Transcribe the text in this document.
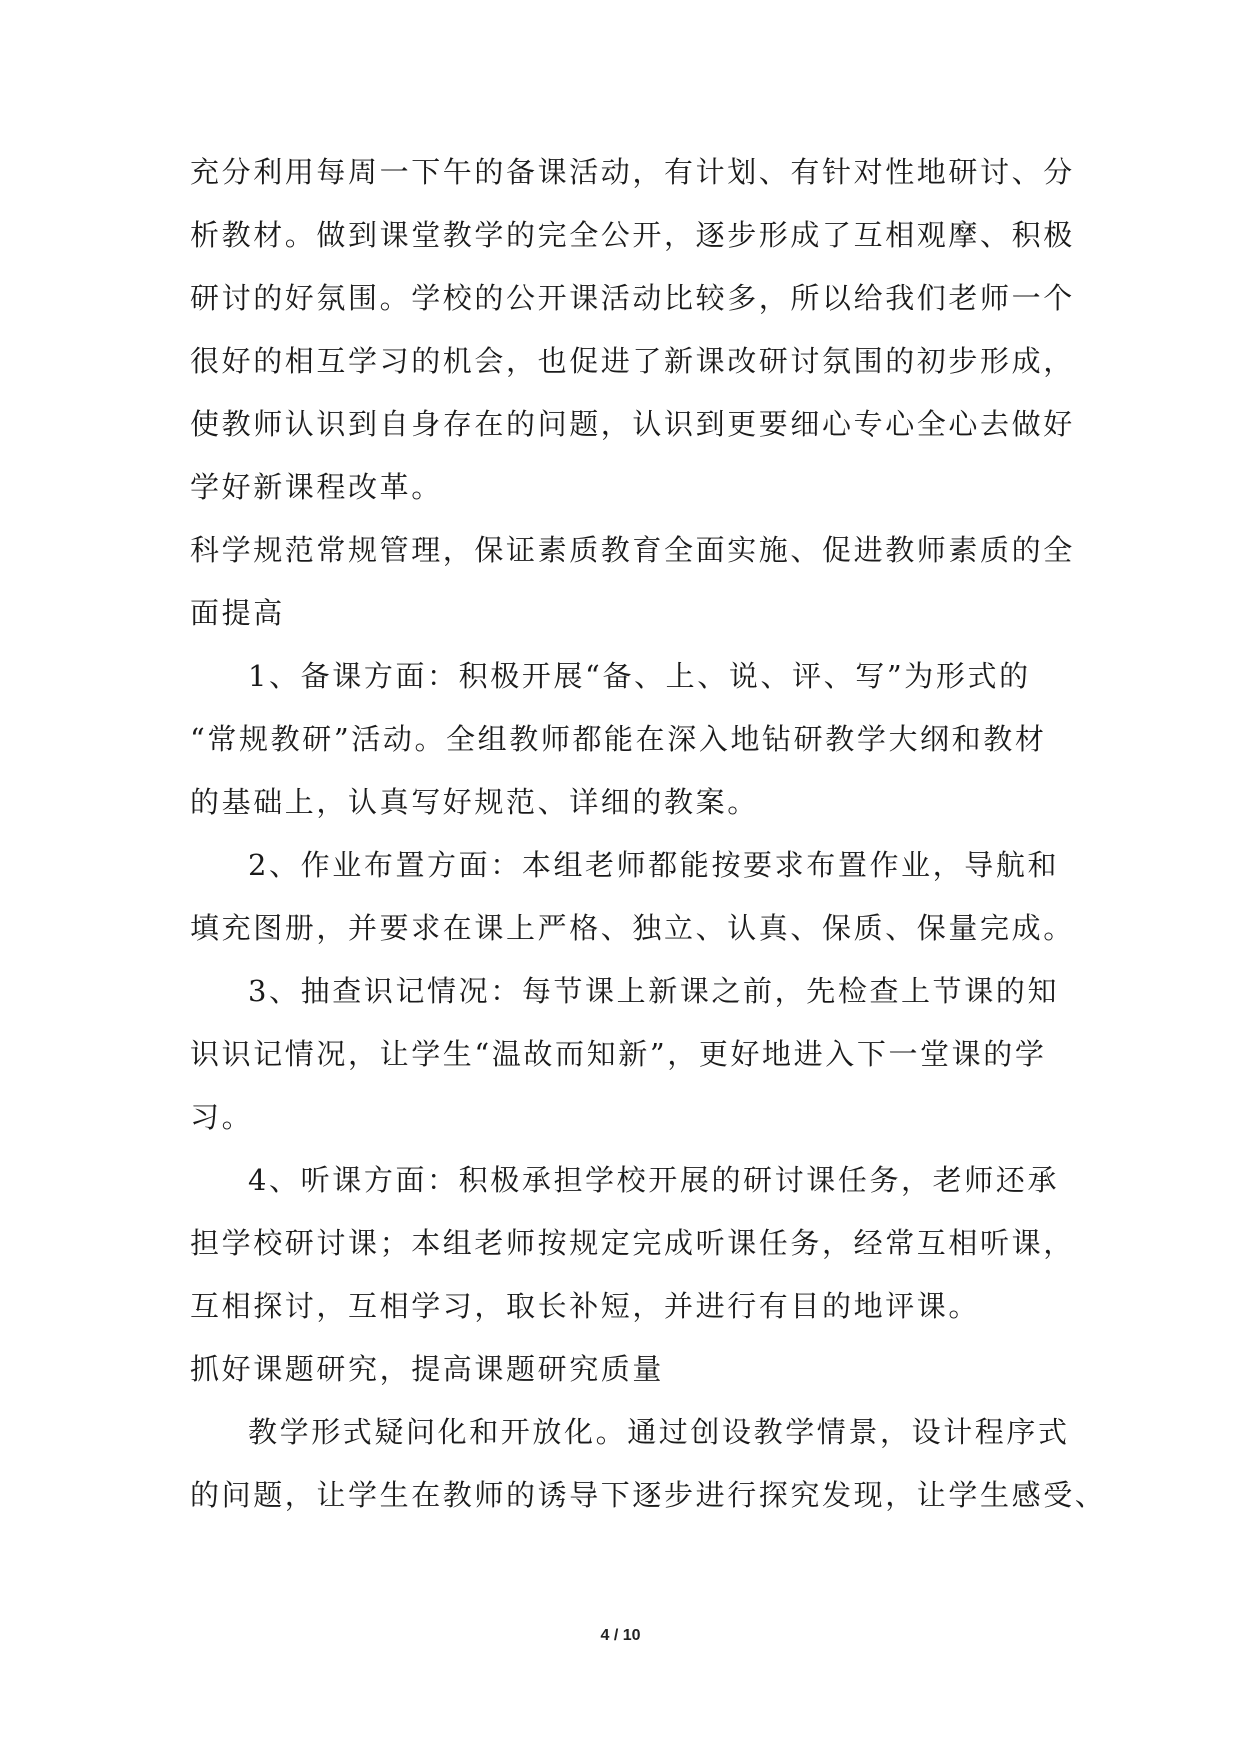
充分利用每周一下午的备课活动，有计划、有针对性地研讨、分
析教材。做到课堂教学的完全公开，逐步形成了互相观摩、积极
研讨的好氛围。学校的公开课活动比较多，所以给我们老师一个
很好的相互学习的机会，也促进了新课改研讨氛围的初步形成，
使教师认识到自身存在的问题，认识到更要细心专心全心去做好
学好新课程改革。
科学规范常规管理，保证素质教育全面实施、促进教师素质的全
面提高
1、备课方面：积极开展“备、上、说、评、写”为形式的
“常规教研”活动。全组教师都能在深入地钻研教学大纲和教材
的基础上，认真写好规范、详细的教案。
2、作业布置方面：本组老师都能按要求布置作业，导航和
填充图册，并要求在课上严格、独立、认真、保质、保量完成。
3、抽查识记情况：每节课上新课之前，先检查上节课的知
识识记情况，让学生“温故而知新”，更好地进入下一堂课的学
习。
4、听课方面：积极承担学校开展的研讨课任务，老师还承
担学校研讨课；本组老师按规定完成听课任务，经常互相听课，
互相探讨，互相学习，取长补短，并进行有目的地评课。
抓好课题研究，提高课题研究质量
教学形式疑问化和开放化。通过创设教学情景，设计程序式
的问题，让学生在教师的诱导下逐步进行探究发现，让学生感受、
4 / 10
